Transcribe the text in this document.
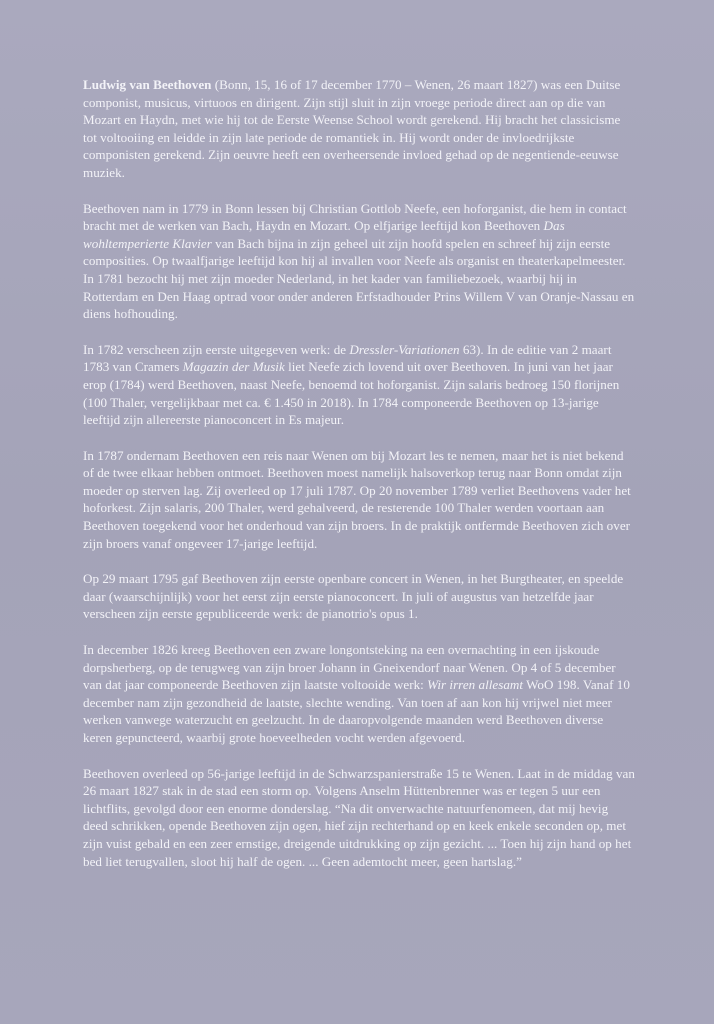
Ludwig van Beethoven (Bonn, 15, 16 of 17 december 1770 – Wenen, 26 maart 1827) was een Duitse componist, musicus, virtuoos en dirigent. Zijn stijl sluit in zijn vroege periode direct aan op die van Mozart en Haydn, met wie hij tot de Eerste Weense School wordt gerekend. Hij bracht het classicisme tot voltooiing en leidde in zijn late periode de romantiek in. Hij wordt onder de invloedrijkste componisten gerekend. Zijn oeuvre heeft een overheersende invloed gehad op de negentiende-eeuwse muziek.

Beethoven nam in 1779 in Bonn lessen bij Christian Gottlob Neefe, een hoforganist, die hem in contact bracht met de werken van Bach, Haydn en Mozart. Op elfjarige leeftijd kon Beethoven Das wohltemperierte Klavier van Bach bijna in zijn geheel uit zijn hoofd spelen en schreef hij zijn eerste composities. Op twaalfjarige leeftijd kon hij al invallen voor Neefe als organist en theaterkapelmeester. In 1781 bezocht hij met zijn moeder Nederland, in het kader van familiebezoek, waarbij hij in Rotterdam en Den Haag optrad voor onder anderen Erfstadhouder Prins Willem V van Oranje-Nassau en diens hofhouding.

In 1782 verscheen zijn eerste uitgegeven werk: de Dressler-Variationen 63). In de editie van 2 maart 1783 van Cramers Magazin der Musik liet Neefe zich lovend uit over Beethoven. In juni van het jaar erop (1784) werd Beethoven, naast Neefe, benoemd tot hoforganist. Zijn salaris bedroeg 150 florijnen (100 Thaler, vergelijkbaar met ca. € 1.450 in 2018). In 1784 componeerde Beethoven op 13-jarige leeftijd zijn allereerste pianoconcert in Es majeur.

In 1787 ondernam Beethoven een reis naar Wenen om bij Mozart les te nemen, maar het is niet bekend of de twee elkaar hebben ontmoet. Beethoven moest namelijk halsoverkop terug naar Bonn omdat zijn moeder op sterven lag. Zij overleed op 17 juli 1787. Op 20 november 1789 verliet Beethovens vader het hoforkest. Zijn salaris, 200 Thaler, werd gehalveerd, de resterende 100 Thaler werden voortaan aan Beethoven toegekend voor het onderhoud van zijn broers. In de praktijk ontfermde Beethoven zich over zijn broers vanaf ongeveer 17-jarige leeftijd.

Op 29 maart 1795 gaf Beethoven zijn eerste openbare concert in Wenen, in het Burgtheater, en speelde daar (waarschijnlijk) voor het eerst zijn eerste pianoconcert. In juli of augustus van hetzelfde jaar verscheen zijn eerste gepubliceerde werk: de pianotrio's opus 1.

In december 1826 kreeg Beethoven een zware longontsteking na een overnachting in een ijskoude dorpsherberg, op de terugweg van zijn broer Johann in Gneixendorf naar Wenen. Op 4 of 5 december van dat jaar componeerde Beethoven zijn laatste voltooide werk: Wir irren allesamt WoO 198. Vanaf 10 december nam zijn gezondheid de laatste, slechte wending. Van toen af aan kon hij vrijwel niet meer werken vanwege waterzucht en geelzucht. In de daaropvolgende maanden werd Beethoven diverse keren gepuncteerd, waarbij grote hoeveelheden vocht werden afgevoerd.

Beethoven overleed op 56-jarige leeftijd in de Schwarzspanierstraße 15 te Wenen. Laat in de middag van 26 maart 1827 stak in de stad een storm op. Volgens Anselm Hüttenbrenner was er tegen 5 uur een lichtflits, gevolgd door een enorme donderslag. “Na dit onverwachte natuurfenomeen, dat mij hevig deed schrikken, opende Beethoven zijn ogen, hief zijn rechterhand op en keek enkele seconden op, met zijn vuist gebald en een zeer ernstige, dreigende uitdrukking op zijn gezicht. ... Toen hij zijn hand op het bed liet terugvallen, sloot hij half de ogen. ... Geen ademtocht meer, geen hartslag.”
